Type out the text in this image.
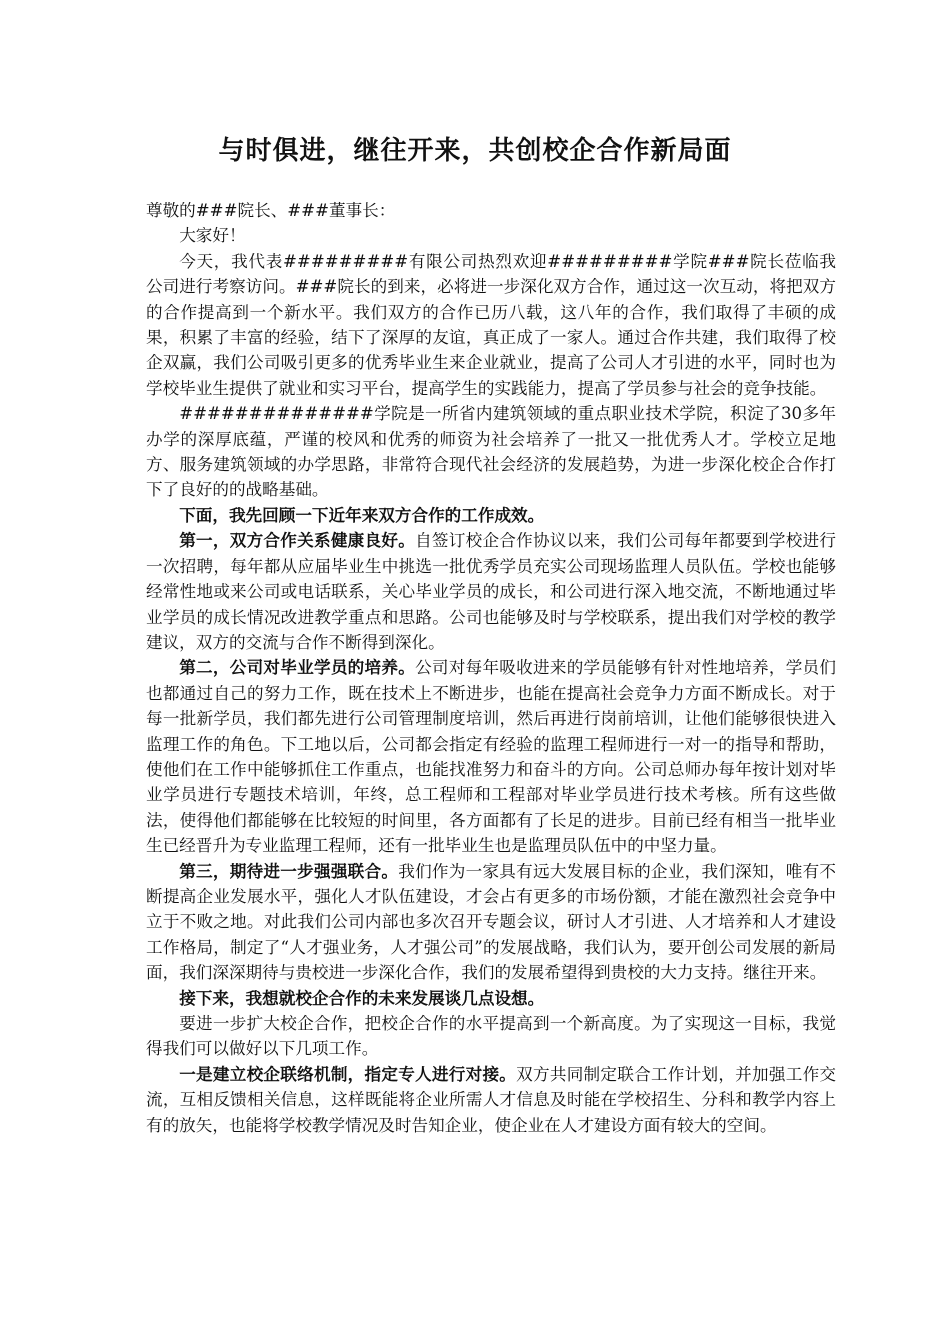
与时俱进，继往开来，共创校企合作新局面

尊敬的###院长、###董事长：

大家好！

今天，我代表#########有限公司热烈欢迎#########学院###院长莅临我公司进行考察访问。###院长的到来，必将进一步深化双方合作，通过这一次互动，将把双方的合作提高到一个新水平。我们双方的合作已历八载，这八年的合作，我们取得了丰硕的成果，积累了丰富的经验，结下了深厚的友谊，真正成了一家人。通过合作共建，我们取得了校企双赢，我们公司吸引更多的优秀毕业生来企业就业，提高了公司人才引进的水平，同时也为学校毕业生提供了就业和实习平台，提高学生的实践能力，提高了学员参与社会的竞争技能。

##############学院是一所省内建筑领域的重点职业技术学院，积淀了30多年办学的深厚底蕴，严谨的校风和优秀的师资为社会培养了一批又一批优秀人才。学校立足地方、服务建筑领域的办学思路，非常符合现代社会经济的发展趋势，为进一步深化校企合作打下了良好的的战略基础。

下面，我先回顾一下近年来双方合作的工作成效。

第一，双方合作关系健康良好。自签订校企合作协议以来，我们公司每年都要到学校进行一次招聘，每年都从应届毕业生中挑选一批优秀学员充实公司现场监理人员队伍。学校也能够经常性地或来公司或电话联系，关心毕业学员的成长，和公司进行深入地交流，不断地通过毕业学员的成长情况改进教学重点和思路。公司也能够及时与学校联系，提出我们对学校的教学建议，双方的交流与合作不断得到深化。

第二，公司对毕业学员的培养。公司对每年吸收进来的学员能够有针对性地培养，学员们也都通过自己的努力工作，既在技术上不断进步，也能在提高社会竞争力方面不断成长。对于每一批新学员，我们都先进行公司管理制度培训，然后再进行岗前培训，让他们能够很快进入监理工作的角色。下工地以后，公司都会指定有经验的监理工程师进行一对一的指导和帮助，使他们在工作中能够抓住工作重点，也能找准努力和奋斗的方向。公司总师办每年按计划对毕业学员进行专题技术培训，年终，总工程师和工程部对毕业学员进行技术考核。所有这些做法，使得他们都能够在比较短的时间里，各方面都有了长足的进步。目前已经有相当一批毕业生已经晋升为专业监理工程师，还有一批毕业生也是监理员队伍中的中坚力量。

第三，期待进一步强强联合。我们作为一家具有远大发展目标的企业，我们深知，唯有不断提高企业发展水平，强化人才队伍建设，才会占有更多的市场份额，才能在激烈社会竞争中立于不败之地。对此我们公司内部也多次召开专题会议，研讨人才引进、人才培养和人才建设工作格局，制定了“人才强业务，人才强公司”的发展战略，我们认为，要开创公司发展的新局面，我们深深期待与贵校进一步深化合作，我们的发展希望得到贵校的大力支持。继往开来。

接下来，我想就校企合作的未来发展谈几点设想。

要进一步扩大校企合作，把校企合作的水平提高到一个新高度。为了实现这一目标，我觉得我们可以做好以下几项工作。

一是建立校企联络机制，指定专人进行对接。双方共同制定联合工作计划，并加强工作交流，互相反馈相关信息，这样既能将企业所需人才信息及时能在学校招生、分科和教学内容上有的放矢，也能将学校教学情况及时告知企业，使企业在人才建设方面有较大的空间。
